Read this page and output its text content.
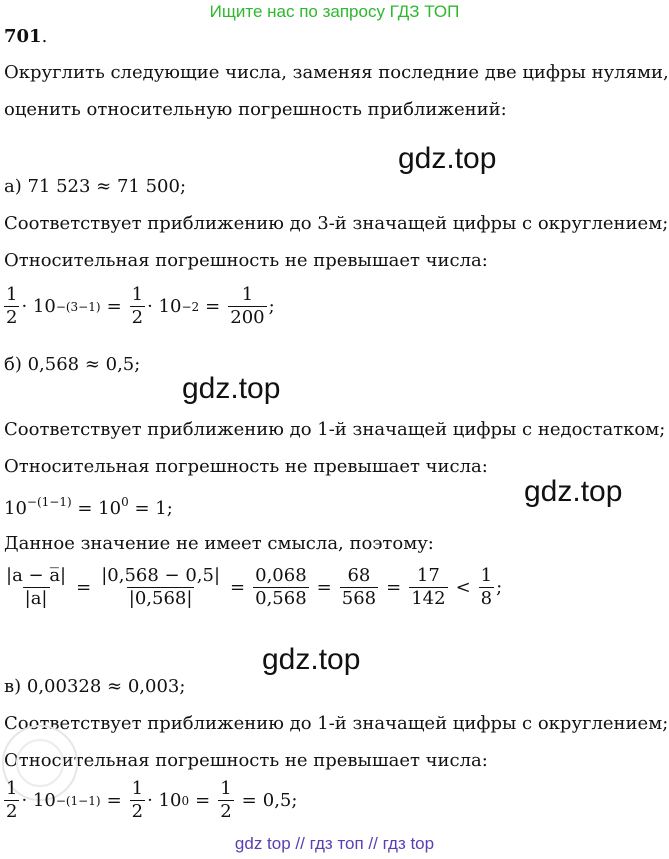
Ищите нас по запросу ГДЗ ТОП
701.
Округлить следующие числа, заменяя последние две цифры нулями,
оценить относительную погрешность приближений:
gdz.top
а) 71 523 ≈ 71 500;
Соответствует приближению до 3-й значащей цифры с округлением;
Относительная погрешность не превышает числа:
$\frac{1}{2} \cdot 10 -(3-1) = \frac{1}{2} \cdot 10 -2 = \frac{1}{200}$ ;
б) 0,568 ≈ 0,5;
gdz.top
Соответствует приближению до 1-й значащей цифры с недостатком;
Относительная погрешность не превышает числа:
gdz.top
$10^{-(1-1)} = 10^0 = 1$;
Данное значение не имеет смысла, поэтому:
$\frac{|a - a̅|}{|a|} = \frac{|0,568 - 0,5|}{|0,568|} = \frac{0,068}{0,568} = \frac{68}{568} = \frac{17}{142} < \frac{1}{8}$ ;
gdz.top
в) 0,00328 ≈ 0,003;
Соответствует приближению до 1-й значащей цифры с округлением;
Относительная погрешность не превышает числа:
$\frac{1}{2} \cdot 10 -(1-1) = \frac{1}{2} \cdot 10$ $0 = \frac{1}{2} = 0,5$;
gdz top // гдз топ // гдз top
